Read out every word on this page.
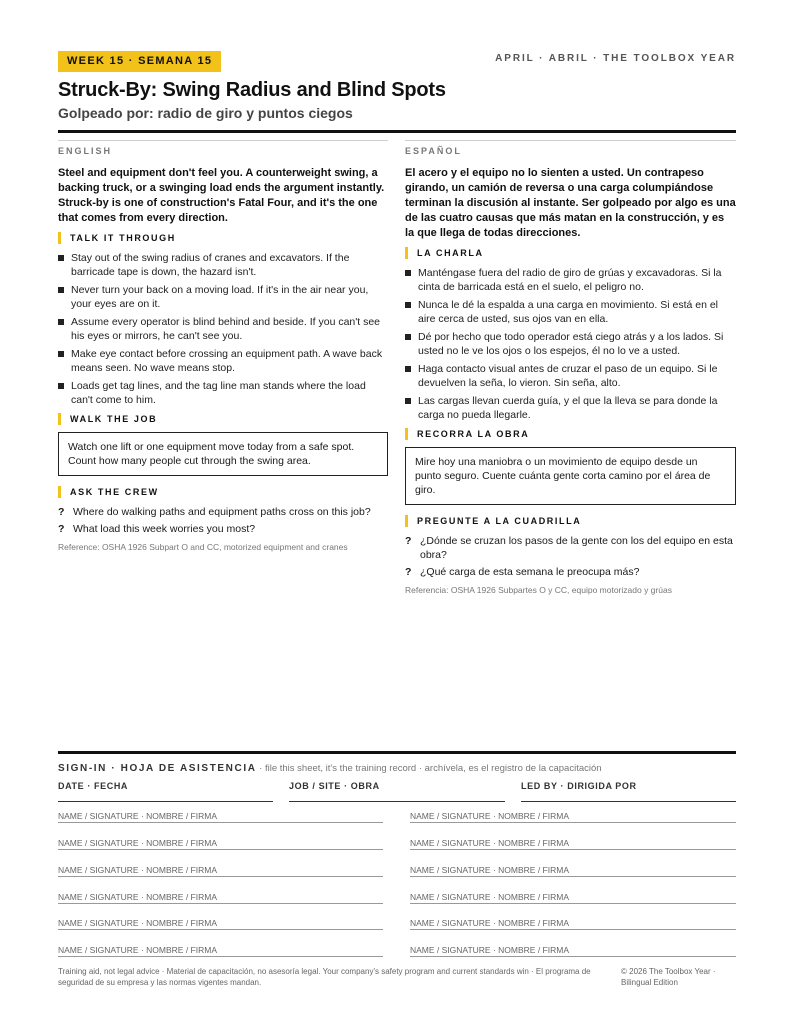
WEEK 15 · SEMANA 15	APRIL · ABRIL · THE TOOLBOX YEAR
Struck-By: Swing Radius and Blind Spots
Golpeado por: radio de giro y puntos ciegos
ENGLISH	ESPAÑOL

Steel and equipment don't feel you. A counterweight swing, a backing truck, or a swinging load ends the argument instantly. Struck-by is one of construction's Fatal Four, and it's the one that comes from every direction.

TALK IT THROUGH
Stay out of the swing radius of cranes and excavators. If the barricade tape is down, the hazard isn't.
Never turn your back on a moving load. If it's in the air near you, your eyes are on it.
Assume every operator is blind behind and beside. If you can't see his eyes or mirrors, he can't see you.
Make eye contact before crossing an equipment path. A wave back means seen. No wave means stop.
Loads get tag lines, and the tag line man stands where the load can't come to him.
WALK THE JOB
Watch one lift or one equipment move today from a safe spot. Count how many people cut through the swing area.
ASK THE CREW
? Where do walking paths and equipment paths cross on this job?
? What load this week worries you most?
Reference: OSHA 1926 Subpart O and CC, motorized equipment and cranes

El acero y el equipo no lo sienten a usted. Un contrapeso girando, un camión de reversa o una carga columpiándose terminan la discusión al instante. Ser golpeado por algo es una de las cuatro causas que más matan en la construcción, y es la que llega de todas direcciones.

LA CHARLA
Manténgase fuera del radio de giro de grúas y excavadoras. Si la cinta de barricada está en el suelo, el peligro no.
Nunca le dé la espalda a una carga en movimiento. Si está en el aire cerca de usted, sus ojos van en ella.
Dé por hecho que todo operador está ciego atrás y a los lados. Si usted no le ve los ojos o los espejos, él no lo ve a usted.
Haga contacto visual antes de cruzar el paso de un equipo. Si le devuelven la seña, lo vieron. Sin seña, alto.
Las cargas llevan cuerda guía, y el que la lleva se para donde la carga no pueda llegarle.
RECORRA LA OBRA
Mire hoy una maniobra o un movimiento de equipo desde un punto seguro. Cuente cuánta gente corta camino por el área de giro.
PREGUNTE A LA CUADRILLA
? ¿Dónde se cruzan los pasos de la gente con los del equipo en esta obra?
? ¿Qué carga de esta semana le preocupa más?
Referencia: OSHA 1926 Subpartes O y CC, equipo motorizado y grúas
SIGN-IN · HOJA DE ASISTENCIA · file this sheet, it's the training record · archívela, es el registro de la capacitación
DATE · FECHA	JOB / SITE · OBRA	LED BY · DIRIGIDA POR
NAME / SIGNATURE · NOMBRE / FIRMA
NAME / SIGNATURE · NOMBRE / FIRMA
NAME / SIGNATURE · NOMBRE / FIRMA
NAME / SIGNATURE · NOMBRE / FIRMA
NAME / SIGNATURE · NOMBRE / FIRMA
NAME / SIGNATURE · NOMBRE / FIRMA
NAME / SIGNATURE · NOMBRE / FIRMA
NAME / SIGNATURE · NOMBRE / FIRMA
NAME / SIGNATURE · NOMBRE / FIRMA
NAME / SIGNATURE · NOMBRE / FIRMA
NAME / SIGNATURE · NOMBRE / FIRMA
NAME / SIGNATURE · NOMBRE / FIRMA
Training aid, not legal advice · Material de capacitación, no asesoría legal. Your company's safety program and current standards win · El programa de seguridad de su empresa y las normas vigentes mandan.
© 2026 The Toolbox Year · Bilingual Edition
